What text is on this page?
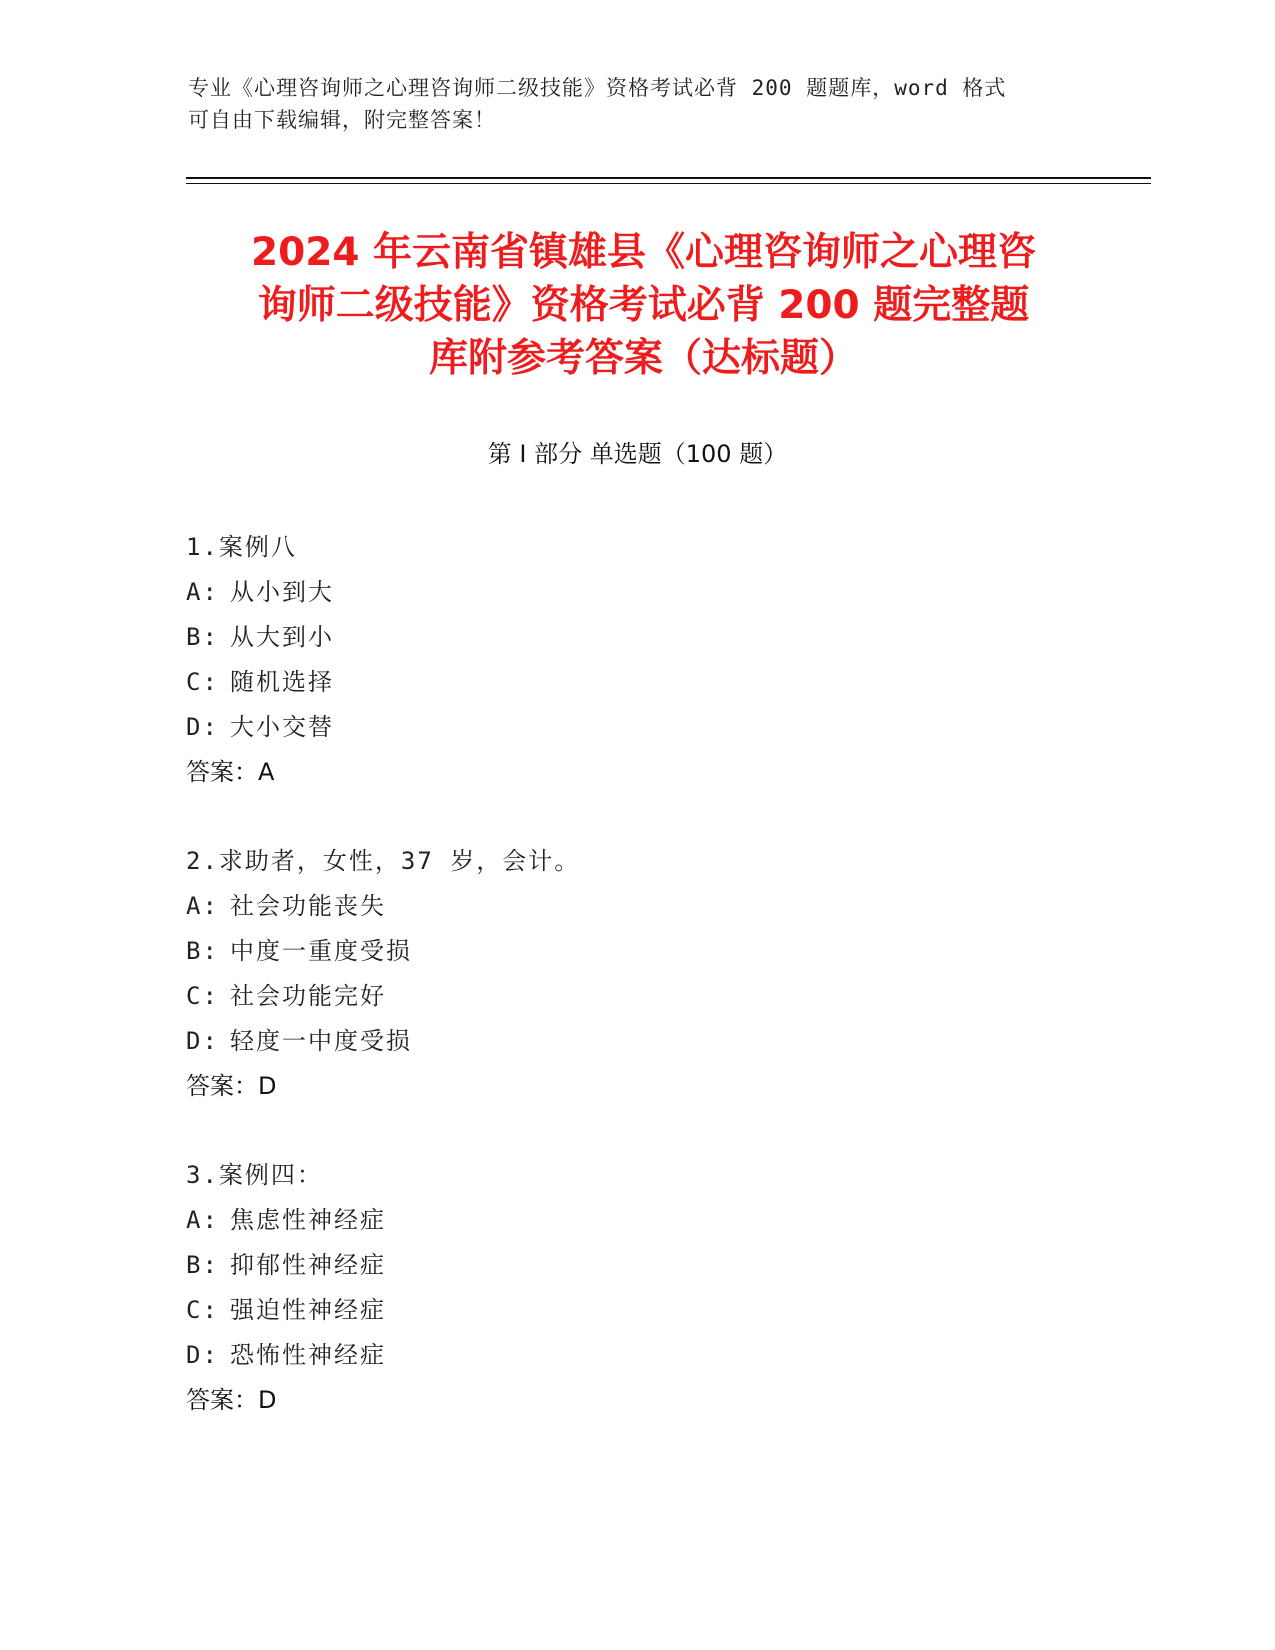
专业《心理咨询师之心理咨询师二级技能》资格考试必背 200 题题库，word 格式
可自由下载编辑，附完整答案！
2024 年云南省镇雄县《心理咨询师之心理咨
询师二级技能》资格考试必背 200 题完整题
库附参考答案（达标题）
第 I 部分 单选题（100 题）
1.案例八
A: 从小到大
B: 从大到小
C: 随机选择
D: 大小交替
答案：A
2.求助者，女性，37 岁，会计。
A: 社会功能丧失
B: 中度一重度受损
C: 社会功能完好
D: 轻度一中度受损
答案：D
3.案例四：
A: 焦虑性神经症
B: 抑郁性神经症
C: 强迫性神经症
D: 恐怖性神经症
答案：D
